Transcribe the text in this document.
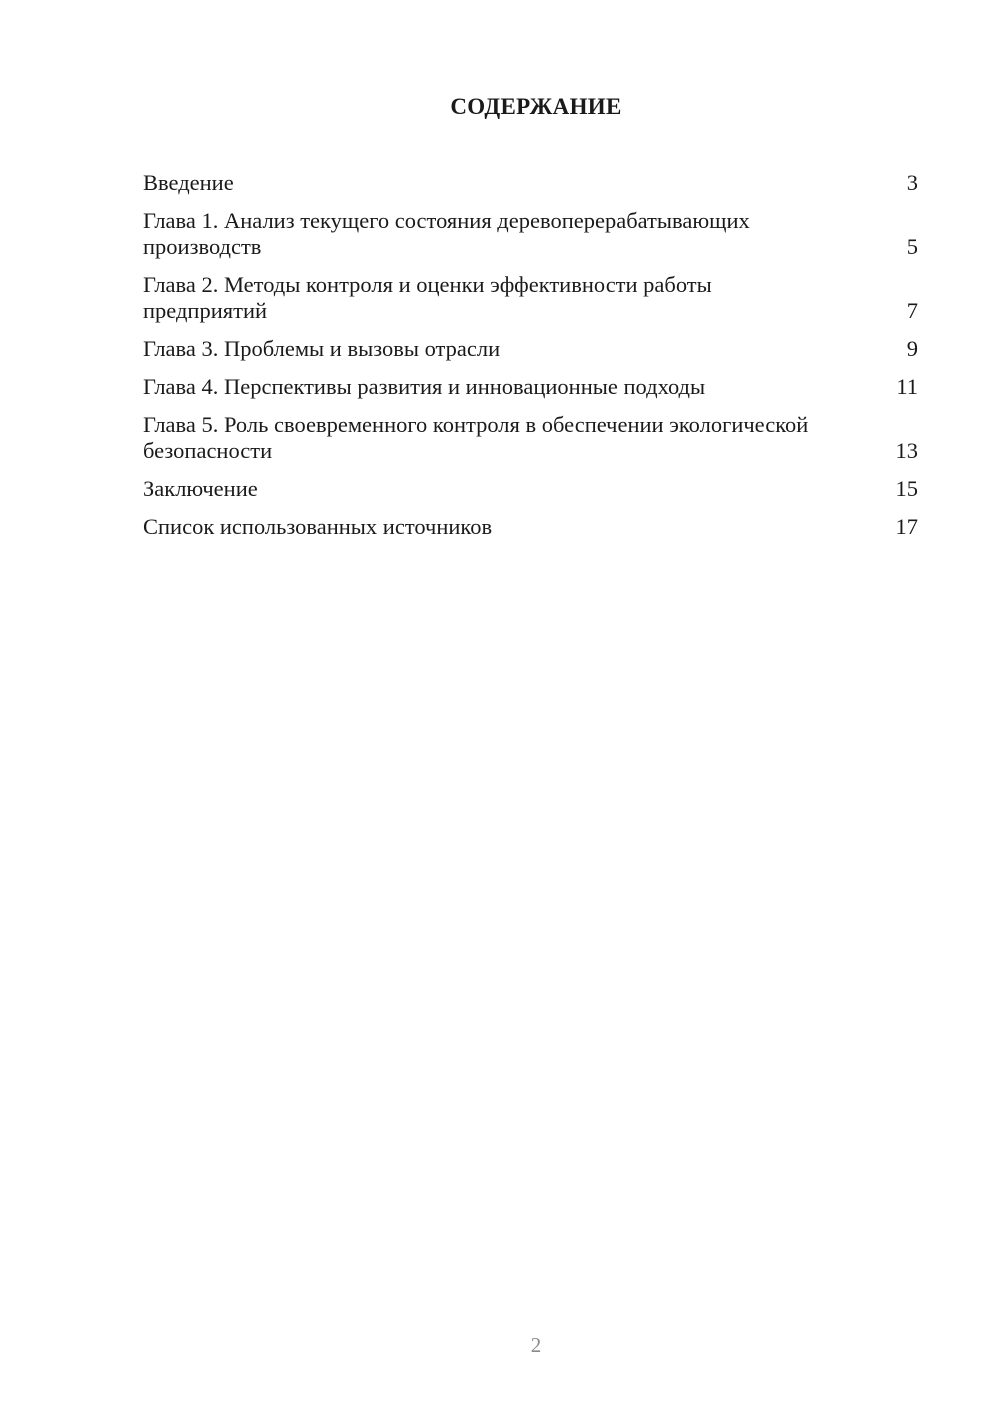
СОДЕРЖАНИЕ
Введение	3
Глава 1. Анализ текущего состояния деревоперерабатывающих производств	5
Глава 2. Методы контроля и оценки эффективности работы предприятий	7
Глава 3. Проблемы и вызовы отрасли	9
Глава 4. Перспективы развития и инновационные подходы	11
Глава 5. Роль своевременного контроля в обеспечении экологической безопасности	13
Заключение	15
Список использованных источников	17
2
